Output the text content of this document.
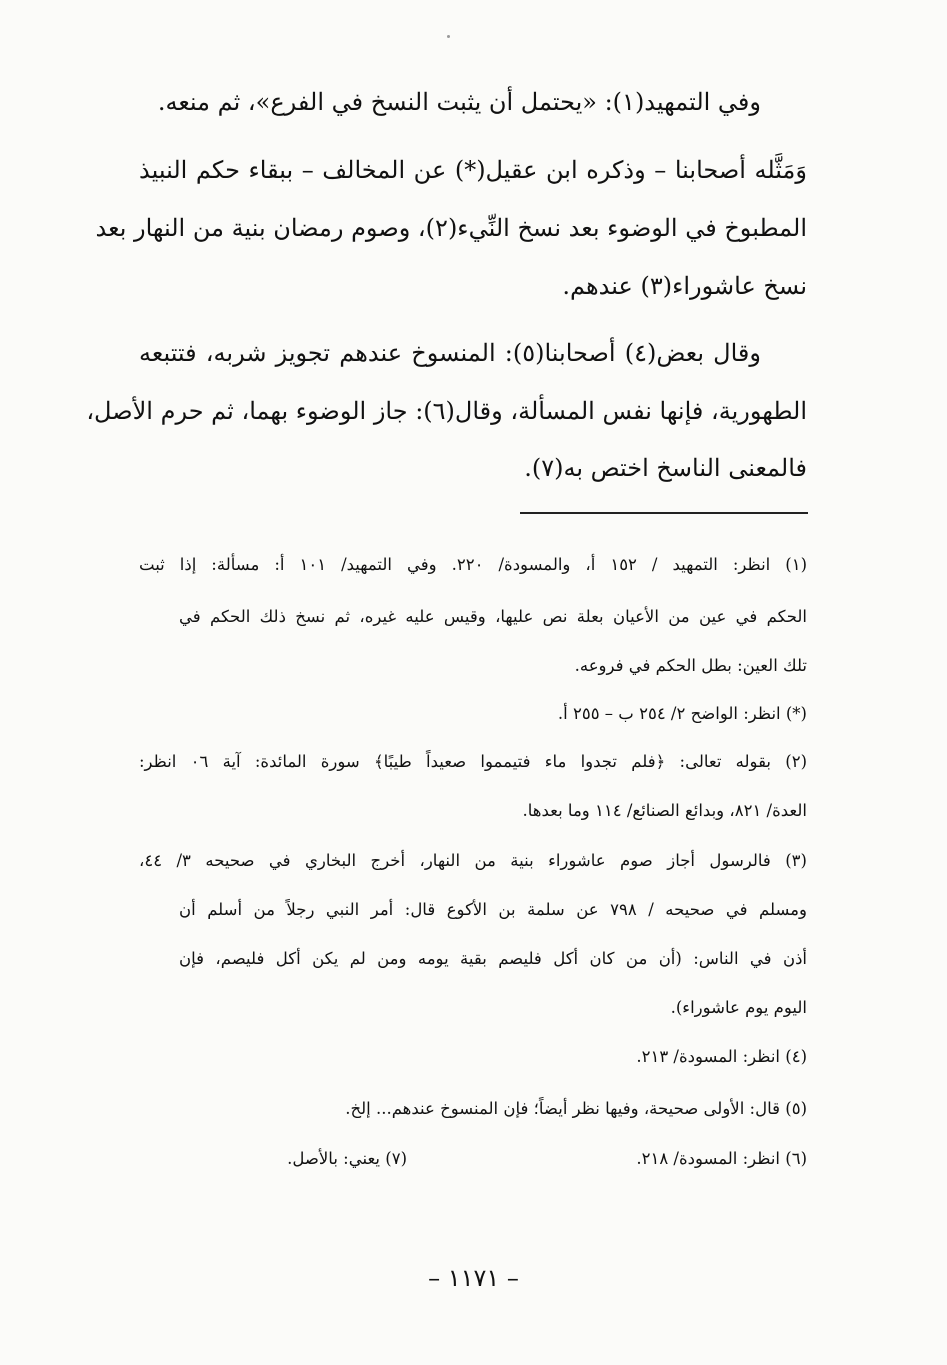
وفي التمهيد(١): «يحتمل أن يثبت النسخ في الفرع»، ثم منعه.
وَمَثَّله أصحابنا – وذكره ابن عقيل(*) عن المخالف – ببقاء حكم النبيذ
المطبوخ في الوضوء بعد نسخ النِّيء(٢)، وصوم رمضان بنية من النهار بعد
نسخ عاشوراء(٣) عندهم.
وقال بعض(٤) أصحابنا(٥): المنسوخ عندهم تجويز شربه، فتتبعه
الطهورية، فإنها نفس المسألة، وقال(٦): جاز الوضوء بهما، ثم حرم الأصل،
فالمعنى الناسخ اختص به(٧).
(١) انظر: التمهيد / ١٥٢ أ، والمسودة/ ٢٢٠. وفي التمهيد/ ١٠١ أ: مسألة: إذا ثبت
الحكم في عين من الأعيان بعلة نص عليها، وقيس عليه غيره، ثم نسخ ذلك الحكم في
تلك العين: بطل الحكم في فروعه.
(*) انظر: الواضح ٢/ ٢٥٤ ب – ٢٥٥ أ.
(٢) بقوله تعالى: ﴿فلم تجدوا ماء فتيمموا صعيداً طيبًا﴾ سورة المائدة: آية ٠٦ انظر:
العدة/ ٨٢١، وبدائع الصنائع/ ١١٤ وما بعدها.
(٣) فالرسول أجاز صوم عاشوراء بنية من النهار، أخرج البخاري في صحيحه ٣/ ٤٤،
ومسلم في صحيحه / ٧٩٨ عن سلمة بن الأكوع قال: أمر النبي رجلاً من أسلم أن
أذن في الناس: (أن من كان أكل فليصم بقية يومه ومن لم يكن أكل فليصم، فإن
اليوم يوم عاشوراء).
(٤) انظر: المسودة/ ٢١٣.
(٥) قال: الأولى صحيحة، وفيها نظر أيضاً؛ فإن المنسوخ عندهم... إلخ.
(٦) انظر: المسودة/ ٢١٨.
(٧) يعني: بالأصل.
– ١١٧١ –
